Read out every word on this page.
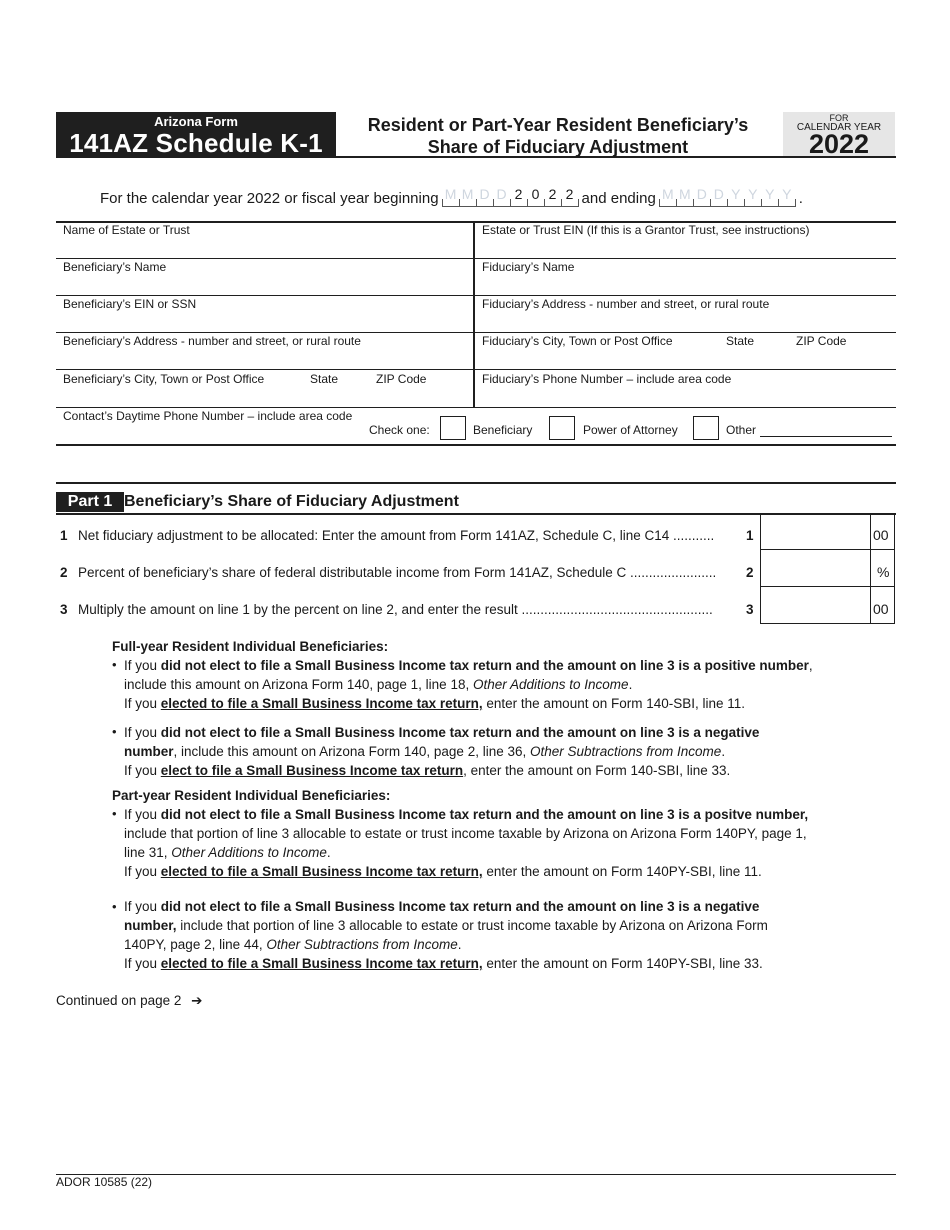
Arizona Form
141AZ Schedule K-1
Resident or Part-Year Resident Beneficiary’s
Share of Fiduciary Adjustment
FOR
CALENDAR YEAR
2022
For the calendar year 2022 or fiscal year beginning M M D D 2 0 2 2 and ending M M D D Y Y Y Y .
Name of Estate or Trust	Estate or Trust EIN (If this is a Grantor Trust, see instructions)
Beneficiary’s Name	Fiduciary’s Name
Beneficiary’s EIN or SSN	Fiduciary’s Address - number and street, or rural route
Beneficiary’s Address - number and street, or rural route	Fiduciary’s City, Town or Post Office	State	ZIP Code
Beneficiary’s City, Town or Post Office	State	ZIP Code	Fiduciary’s Phone Number – include area code
Contact’s Daytime Phone Number – include area code
Check one:	Beneficiary	Power of Attorney	Other
Part 1 Beneficiary’s Share of Fiduciary Adjustment
1 Net fiduciary adjustment to be allocated: Enter the amount from Form 141AZ, Schedule C, line C14 ........... 1	00
2 Percent of beneficiary’s share of federal distributable income from Form 141AZ, Schedule C ....................... 2	%
3 Multiply the amount on line 1 by the percent on line 2, and enter the result ................................................... 3	00
Full-year Resident Individual Beneficiaries:
• If you did not elect to file a Small Business Income tax return and the amount on line 3 is a positive number,
include this amount on Arizona Form 140, page 1, line 18, Other Additions to Income.
If you elected to file a Small Business Income tax return, enter the amount on Form 140-SBI, line 11.
• If you did not elect to file a Small Business Income tax return and the amount on line 3 is a negative
number, include this amount on Arizona Form 140, page 2, line 36, Other Subtractions from Income.
If you elect to file a Small Business Income tax return, enter the amount on Form 140-SBI, line 33.
Part-year Resident Individual Beneficiaries:
• If you did not elect to file a Small Business Income tax return and the amount on line 3 is a positve number,
include that portion of line 3 allocable to estate or trust income taxable by Arizona on Arizona Form 140PY, page 1,
line 31, Other Additions to Income.
If you elected to file a Small Business Income tax return, enter the amount on Form 140PY-SBI, line 11.
• If you did not elect to file a Small Business Income tax return and the amount on line 3 is a negative
number, include that portion of line 3 allocable to estate or trust income taxable by Arizona on Arizona Form
140PY, page 2, line 44, Other Subtractions from Income.
If you elected to file a Small Business Income tax return, enter the amount on Form 140PY-SBI, line 33.
Continued on page 2 ➔
ADOR 10585 (22)
